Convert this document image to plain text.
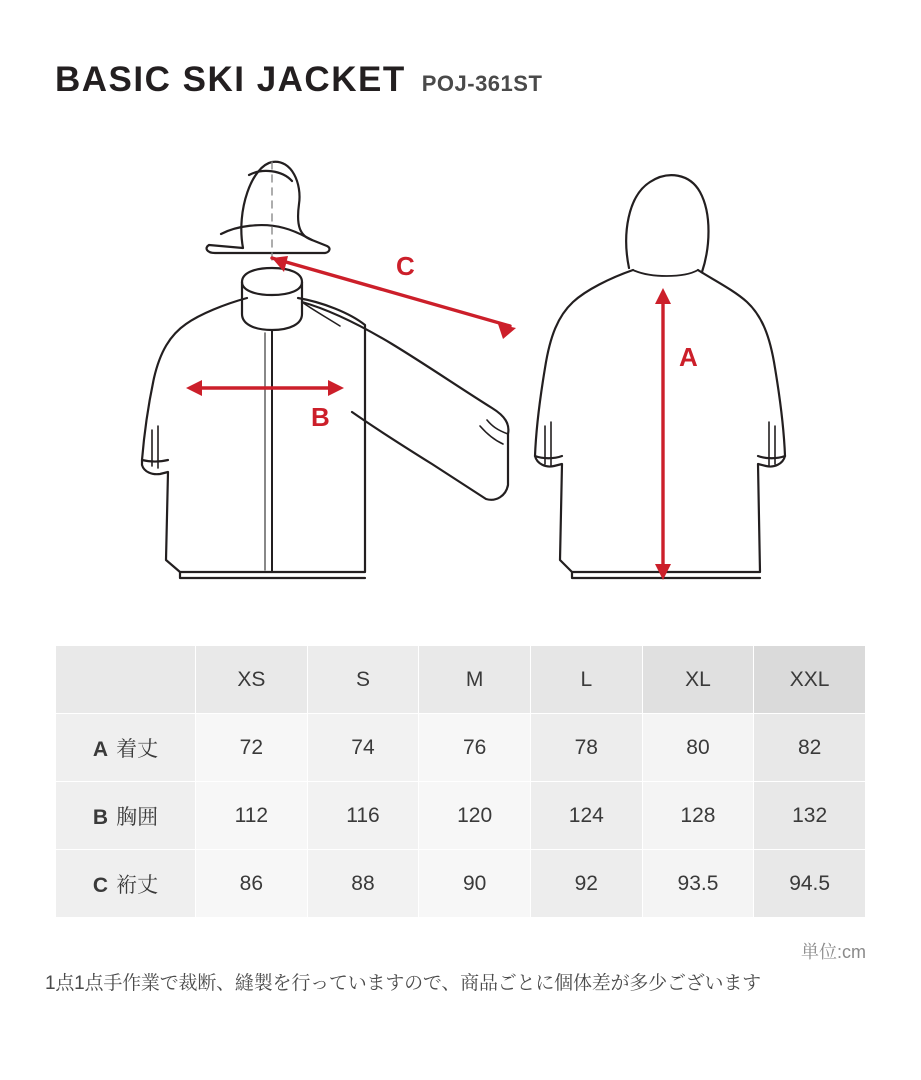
BASIC SKI JACKET POJ-361ST
C
B
A
	XS	S	M	L	XL	XXL
A 着丈	72	74	76	78	80	82
B 胸囲	112	116	120	124	128	132
C 裄丈	86	88	90	92	93.5	94.5
単位:cm
1点1点手作業で裁断、縫製を行っていますので、商品ごとに個体差が多少ございます
